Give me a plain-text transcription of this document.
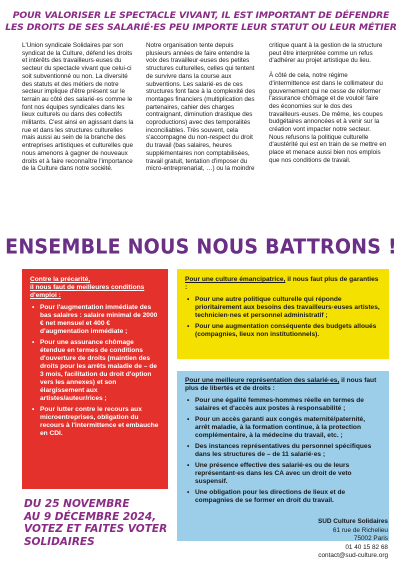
POUR VALORISER LE SPECTACLE VIVANT, IL EST IMPORTANT DE DÉFENDRE
LES DROITS DE SES SALARIÉ·ES PEU IMPORTE LEUR STATUT OU LEUR MÉTIER

L'Union syndicale Solidaires par son syndicat de la Culture, défend les droits et intérêts des travailleurs·euses du secteur du spectacle vivant que celui-ci soit subventionné ou non. La diversité des statuts et des métiers de notre secteur implique d'être présent sur le terrain au côté des salarié·es comme le font nos équipes syndicales dans les lieux culturels ou dans des collectifs militants. C'est ainsi en agissant dans la rue et dans les structures culturelles mais aussi au sein de la branche des entreprises artistiques et culturelles que nous amenons à gagner de nouveaux droits et à faire reconnaître l'importance de la Culture dans notre société.

Notre organisation tente depuis plusieurs années de faire entendre la voix des travailleur·euses des petites structures culturelles, celles qui tentent de survivre dans la course aux subventions. Les salarié·es de ces structures font face à la complexité des montages financiers (multiplication des partenaires, cahier des charges contraignant, diminution drastique des coproductions) avec des temporalités inconciliables. Très souvent, cela s'accompagne du non-respect du droit du travail (bas salaires, heures supplémentaires non comptabilisées, travail gratuit, tentation d'imposer du micro-entreprenariat, …) ou la moindre

critique quant à la gestion de la structure peut être interprétée comme un refus d'adhérer au projet artistique du lieu.

À côté de cela, notre régime d'intermittence est dans le collimateur du gouvernement qui ne cesse de réformer l'assurance chômage et de vouloir faire des économies sur le dos des travailleurs·euses. De même, les coupes budgétaires annoncées et à venir sur la création vont impacter notre secteur. Nous refusons la politique culturelle d'austérité qui est en train de se mettre en place et menace aussi bien nos emplois que nos conditions de travail.

ENSEMBLE NOUS NOUS BATTRONS !
Contre la précarité,
il nous faut de meilleures conditions d'emploi :
• Pour l'augmentation immédiate des bas salaires : salaire minimal de 2000 € net mensuel et 400 € d'augmentation immédiate ;
• Pour une assurance chômage étendue en termes de conditions d'ouverture de droits (maintien des droits pour les arrêts maladie de – de 3 mois, facilitation du droit d'option vers les annexes) et son élargissement aux artistes/auteur/rices ;
• Pour lutter contre le recours aux microentreprises, obligation du recours à l'intermittence et embauche en CDI.
Pour une culture émancipatrice, il nous faut plus de garanties :
• Pour une autre politique culturelle qui réponde prioritairement aux besoins des travailleurs·euses artistes, technicien·nes et personnel administratif ;
• Pour une augmentation conséquente des budgets alloués (compagnies, lieux non institutionnels).
Pour une meilleure représentation des salarié·es, il nous faut plus de libertés et de droits :
• Pour une égalité femmes-hommes réelle en termes de salaires et d'accès aux postes à responsabilité ;
• Pour un accès garanti aux congés maternité/paternité, arrêt maladie, à la formation continue, à la protection complémentaire, à la médecine du travail, etc. ;
• Des instances représentatives du personnel spécifiques dans les structures de – de 11 salarié·es ;
• Une présence effective des salarié·es ou de leurs représentant·es dans les CA avec un droit de veto suspensif.
• Une obligation pour les directions de lieux et de compagnies de se former en droit du travail.
DU 25 NOVEMBRE
AU 9 DÉCEMBRE 2024,
VOTEZ ET FAITES VOTER
SOLIDAIRES
SUD Culture Solidaires
61 rue de Richelieu
75002 Paris
01 40 15 82 68
contact@sud-culture.org
